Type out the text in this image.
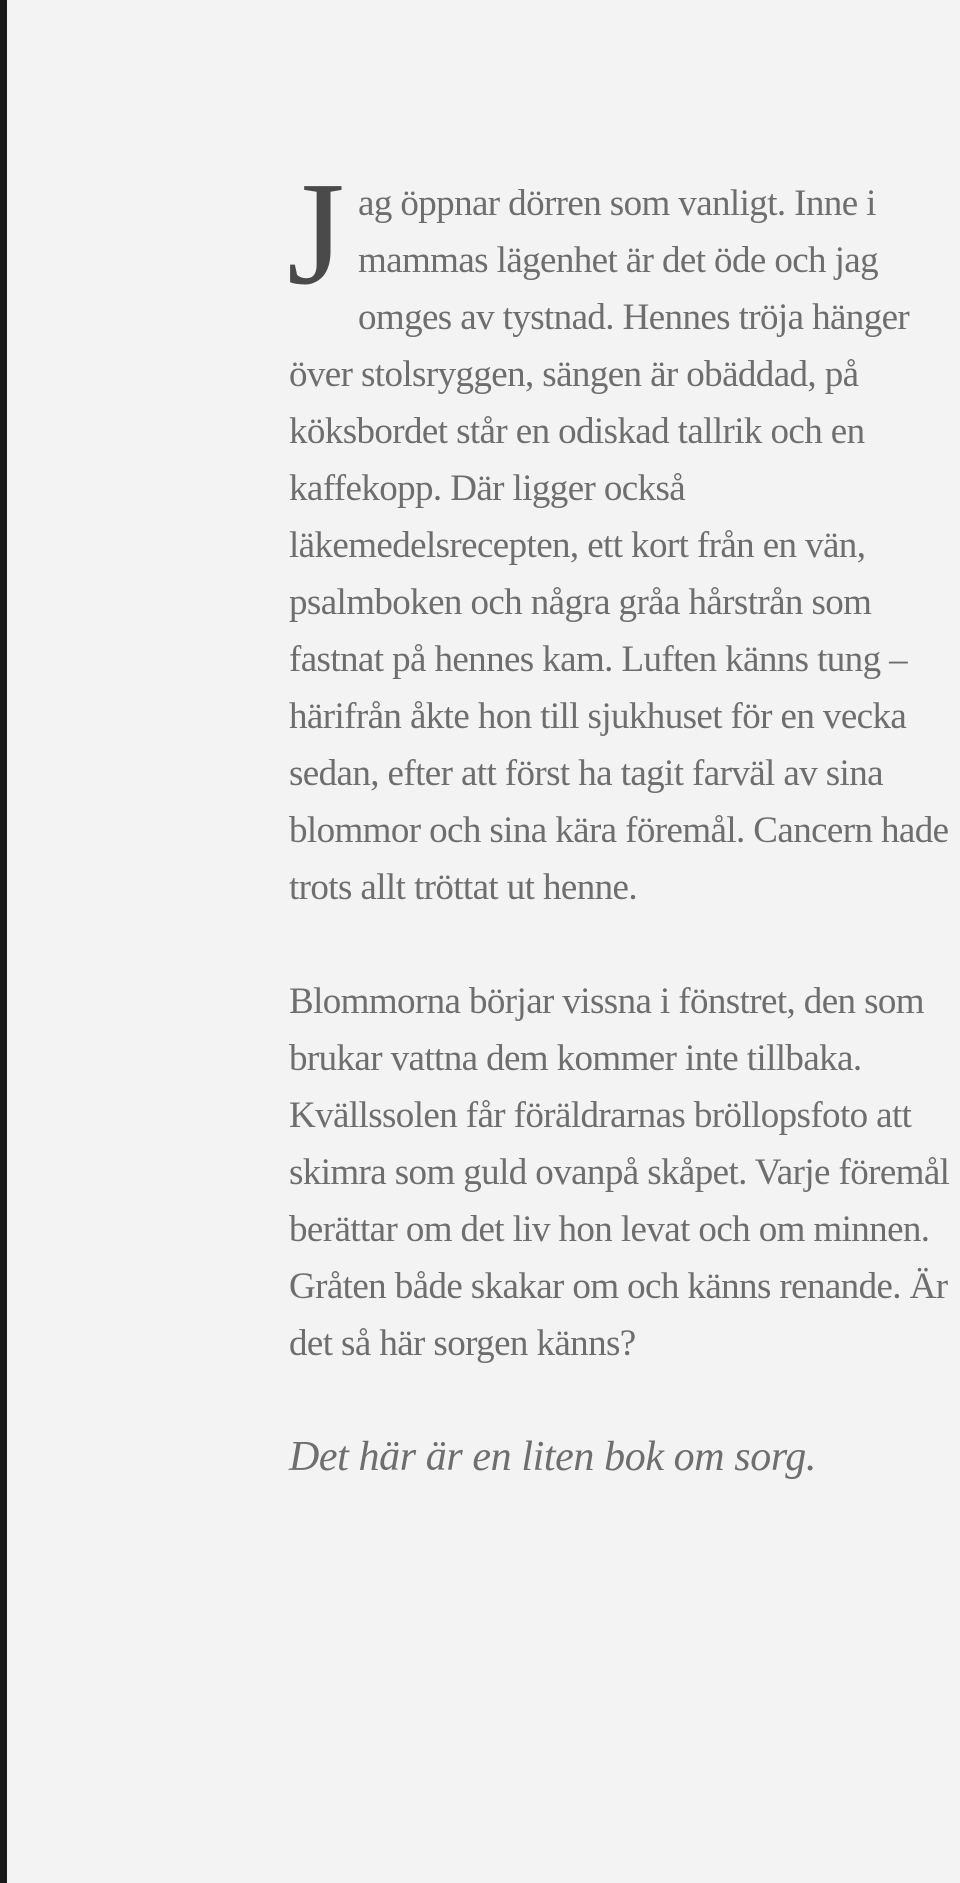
Jag öppnar dörren som vanligt. Inne i mammas lägenhet är det öde och jag omges av tystnad. Hennes tröja hänger över stolsryggen, sängen är obäddad, på köksbordet står en odiskad tallrik och en kaffekopp. Där ligger också läkemedelsrecepten, ett kort från en vän, psalmboken och några gråa hårstrån som fastnat på hennes kam. Luften känns tung – härifrån åkte hon till sjukhuset för en vecka sedan, efter att först ha tagit farväl av sina blommor och sina kära föremål. Cancern hade trots allt tröttat ut henne.

Blommorna börjar vissna i fönstret, den som brukar vattna dem kommer inte tillbaka. Kvällssolen får föräldrarnas bröllopsfoto att skimra som guld ovanpå skåpet. Varje föremål berättar om det liv hon levat och om minnen. Gråten både skakar om och känns renande. Är det så här sorgen känns?

Det här är en liten bok om sorg.
